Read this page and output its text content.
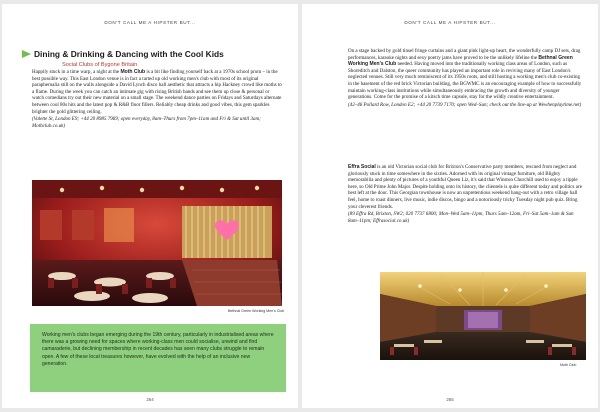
DON'T CALL ME A HIPSTER BUT...
Dining & Drinking & Dancing with the Cool Kids
Social Clubs of Bygone Britain

Happily stuck in a time warp, a night at the Moth Club is a bit like finding yourself back at a 1970s school prom – in the best possible way. This East London venue is in fact a tarted up old working men's club with most of its original paraphernalia still on the walls alongside a David Lynch disco hall aesthetic that attracts a hip Hackney crowd like moths to a flame. During the week you can catch an intimate gig with rising British bands and see them up close & personal or watch comedians try out their new material on a small stage. The weekend dance parties on Fridays and Saturdays alternate between cool 80s hits and the latest pop & R&B floor fillers. Reliably cheap drinks and good vibes, this gem sparkles brighter the gold glittering ceiling.

(Valette St, London E9; +44 20 8985 7969; open everyday, 8am–Thurs from 7pm–11am and Fri & Sat until 3am; Mothclub.co.uk)

Bethnal Green Working Men's Club

Working men's clubs began emerging during the 19th century, particularly in industrialised areas where there was a growing need for spaces where working-class men could socialise, unwind and find camaraderie, but declining membership in recent decades has seen many clubs struggle to remain open. A few of these local treasures however, have evolved with the help of an inclusive new generation.

264
DON'T CALL ME A HIPSTER BUT...

On a stage backed by gold tinsel fringe curtains and a giant pink light-up heart, the wonderfully camp DJ sets, drag performances, karaoke nights and sexy poetry jams have proved to be the unlikely lifeline the Bethnal Green Working Men's Club needed. Having moved into the traditionally working class areas of London, such as Shoreditch and Dalston, the queer community has played an important role in reviving many of East London's neglected venues. Still very much reminiscent of its 1950s roots, and still hosting a working men's club co-existing in the basement of the red brick Victorian building, the BGWMC is an encouraging example of how to successfully maintain working-class institutions while simultaneously embracing the growth and diversity of younger generations. Come for the promise of a kitsch time capsule, stay for the wildly creative entertainment.

(42–46 Pollard Row, London E2; +44 20 7739 7170; open Wed–Sun; check out the line-up at Wewhenplaytime.net)

Effra Social is an old Victorian social club for Brixton's Conservative party members, rescued from neglect and gloriously stuck in time somewhere in the sixties. Adorned with its original vintage furniture, old Blighty memorabilia and plenty of pictures of a youthful Queen Liz, it's said that Winston Churchill used to enjoy a tipple here, so Old Prime John Major. Despite holding onto its history, the clientele is quite different today and politics are best left at the door. This Georgian townhouse is now an unpretentious weekend hang-out with a retro village hall feel, home to roast dinners, live music, indie discos, bingo and a notoriously tricky Tuesday night pub quiz. Bring your cleverest friends.

(89 Effra Rd, Brixton, SW2; 020 7737 6800; Mon–Wed 5am–11pm, Thurs 5am–12am, Fri–Sat 5am–1am & Sun 8am–11pm; Effrasocial.co.uk)

Moth Club
265
